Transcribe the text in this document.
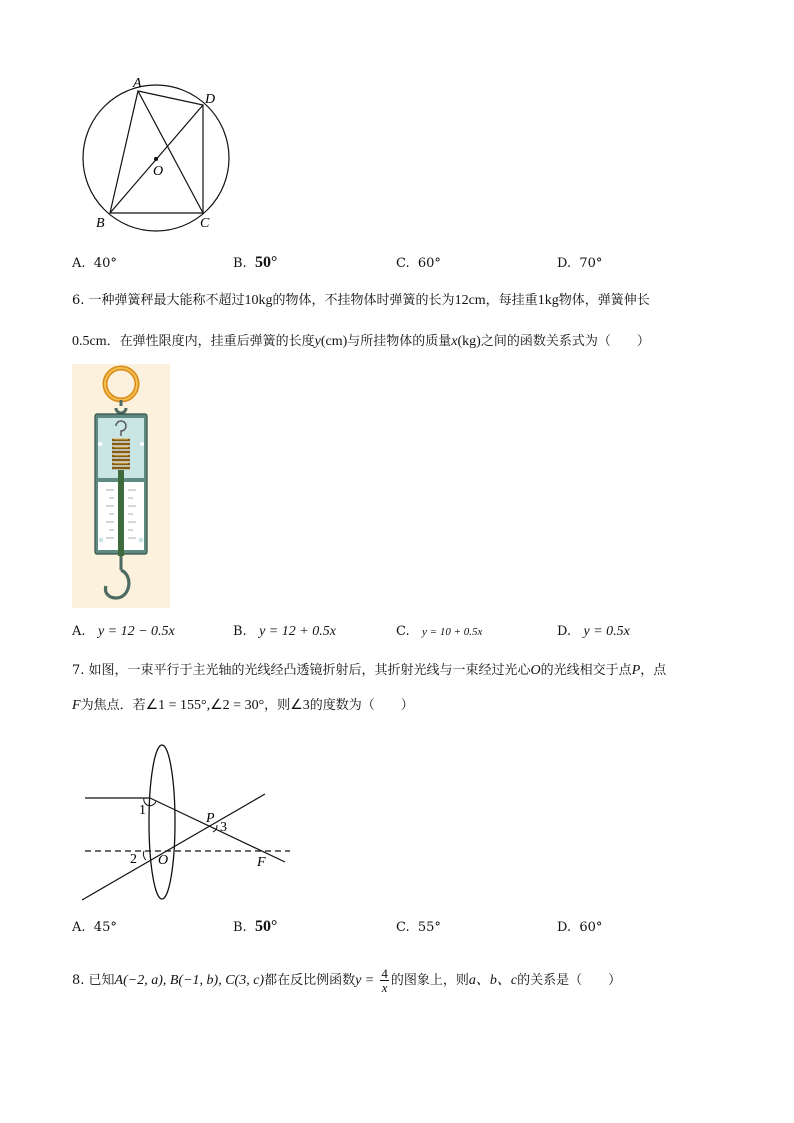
A
D
O
B	C
A. 40°	B. 50°	C. 60°	D. 70°
6. 一种弹簧秤最大能称不超过10kg的物体，不挂物体时弹簧的长为12cm，每挂重1kg物体，弹簧伸长
0.5cm．在弹性限度内，挂重后弹簧的长度y(cm)与所挂物体的质量x(kg)之间的函数关系式为（　　）
A. y = 12 − 0.5x	B. y = 12 + 0.5x	C. y = 10 + 0.5x	D. y = 0.5x
7. 如图，一束平行于主光轴的光线经凸透镜折射后，其折射光线与一束经过光心O的光线相交于点P，点
F为焦点．若∠1 = 155°,∠2 = 30°，则∠3的度数为（　　）
1
2
3
P
O	F
A. 45°	B. 50°	C. 55°	D. 60°
8. 已知A(−2, a), B(−1, b), C(3, c)都在反比例函数$y = \frac{4}{x}$ 的图象上，则a、b、c的关系是（　　）
